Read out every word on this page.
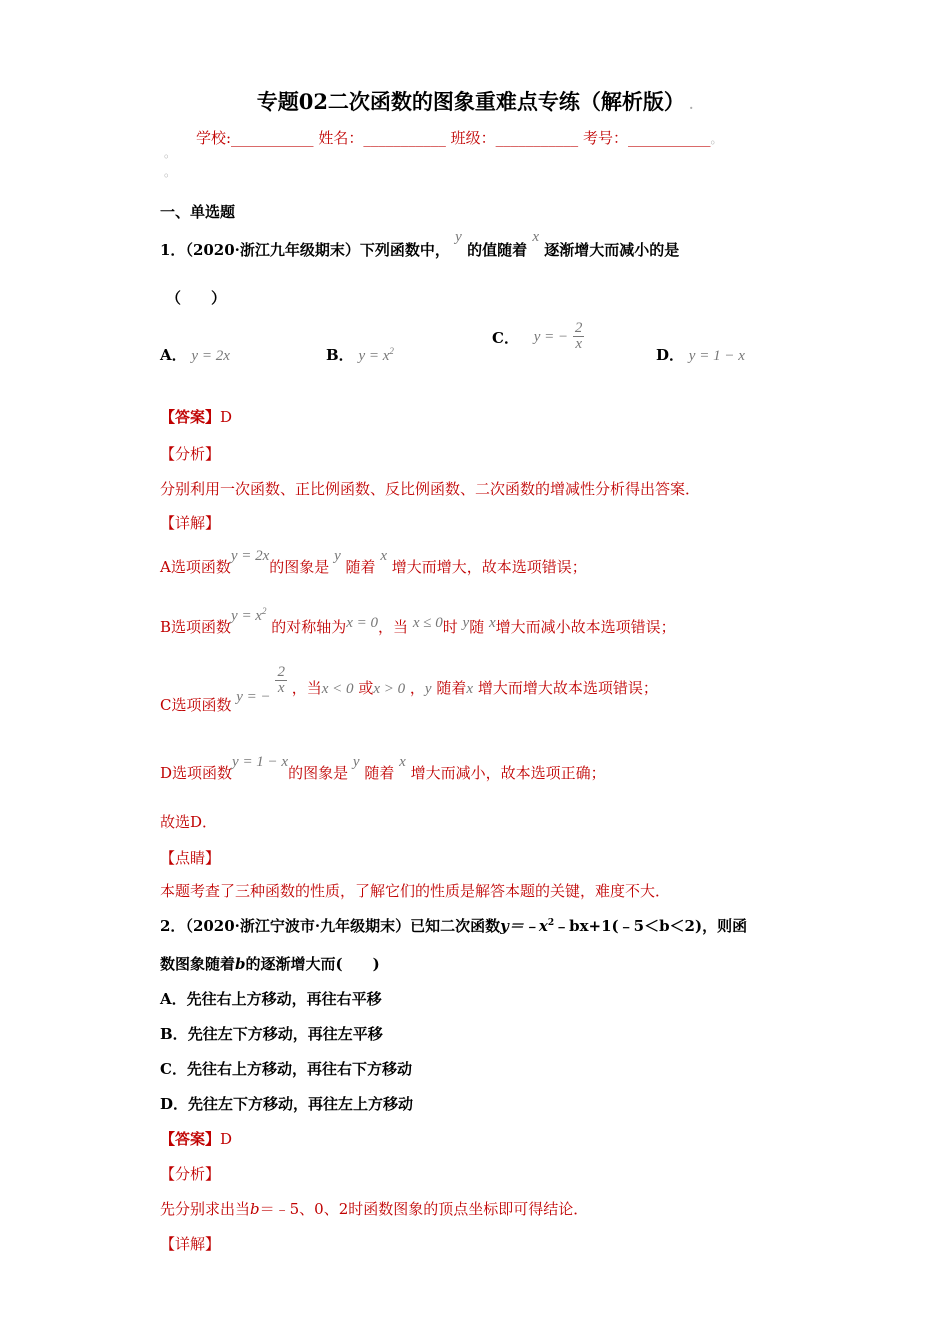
专题02二次函数的图象重难点专练（解析版） .
学校:___________ 姓名：___________ 班级：___________ 考号：___________。
。
。
一、单选题
1．（2020·浙江九年级期末）下列函数中， y 的值随着 x 逐渐增大而减小的是
（　　）
A． y = 2x	B． $y = x^2$
C． y = − $\frac{2}{x}$
D． y = 1 − x
【答案】D
【分析】
分别利用一次函数、正比例函数、反比例函数、二次函数的增减性分析得出答案．
【详解】
A选项函数y = 2x的图象是 y 随着 x 增大而增大，故本选项错误；
B选项函数$y = x^2$ 的对称轴为x = 0，当 x ≤ 0时 y随 x增大而减小故本选项错误；
C选项函数 y = −
$\frac{2}{x}$ ，当x < 0 或x > 0 ，y 随着x 增大而增大故本选项错误；
D选项函数y = 1 − x的图象是 y 随着 x 增大而减小，故本选项正确；
故选D．
【点睛】
本题考查了三种函数的性质，了解它们的性质是解答本题的关键，难度不大．
2．（2020·浙江宁波市·九年级期末）已知二次函数$y=﹣x^2﹣bx+1(﹣5<b<2)$，则函
数图象随着b的逐渐增大而(　　)
A．先往右上方移动，再往右平移
B．先往左下方移动，再往左平移
C．先往右上方移动，再往右下方移动
D．先往左下方移动，再往左上方移动
【答案】D
【分析】
先分别求出当b＝﹣5、0、2时函数图象的顶点坐标即可得结论．
【详解】
